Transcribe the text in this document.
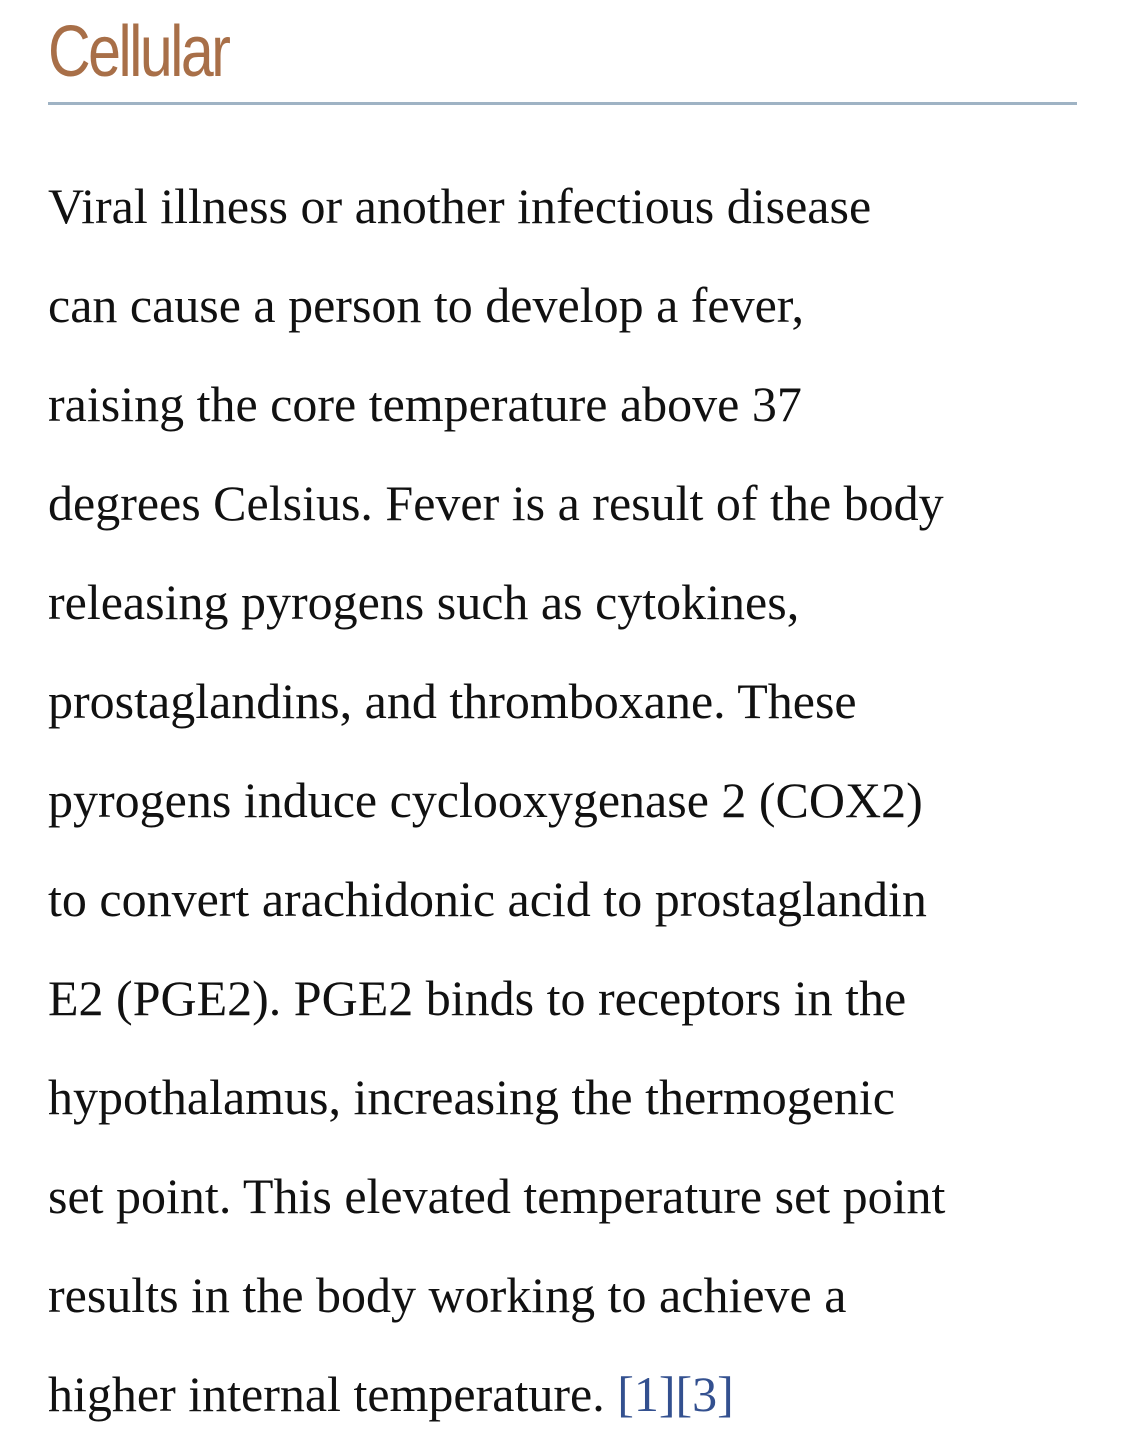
Cellular

Viral illness or another infectious disease
can cause a person to develop a fever,
raising the core temperature above 37
degrees Celsius. Fever is a result of the body
releasing pyrogens such as cytokines,
prostaglandins, and thromboxane. These
pyrogens induce cyclooxygenase 2 (COX2)
to convert arachidonic acid to prostaglandin
E2 (PGE2). PGE2 binds to receptors in the
hypothalamus, increasing the thermogenic
set point. This elevated temperature set point
results in the body working to achieve a
higher internal temperature. [1][3]
